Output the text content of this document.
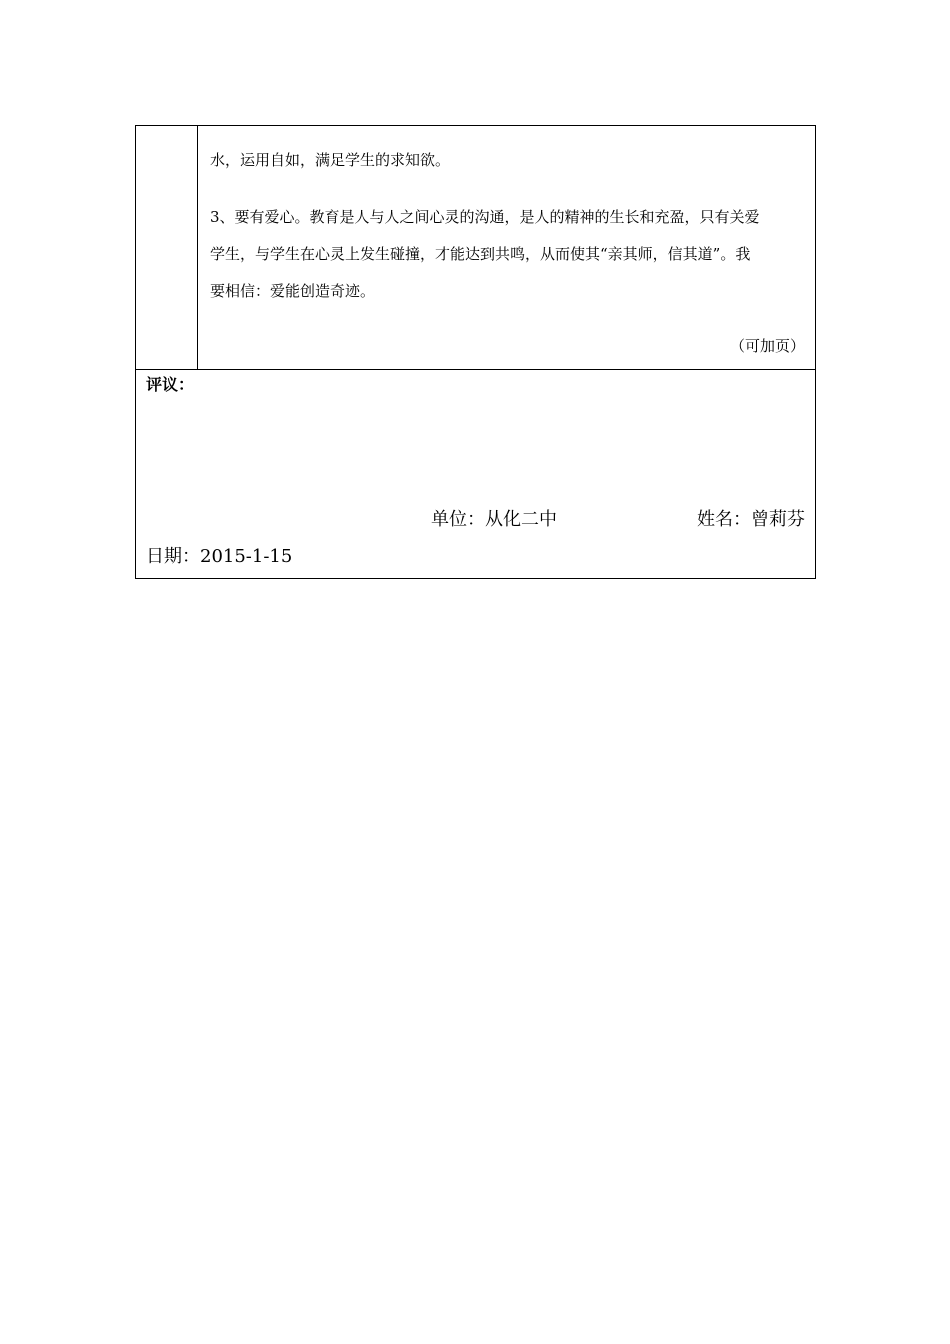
水，运用自如，满足学生的求知欲。
3、要有爱心。教育是人与人之间心灵的沟通，是人的精神的生长和充盈，只有关爱
学生，与学生在心灵上发生碰撞，才能达到共鸣，从而使其“亲其师，信其道”。我
要相信：爱能创造奇迹。
（可加页）
评议：
单位：从化二中	姓名：曾莉芬
日期：2015-1-15
